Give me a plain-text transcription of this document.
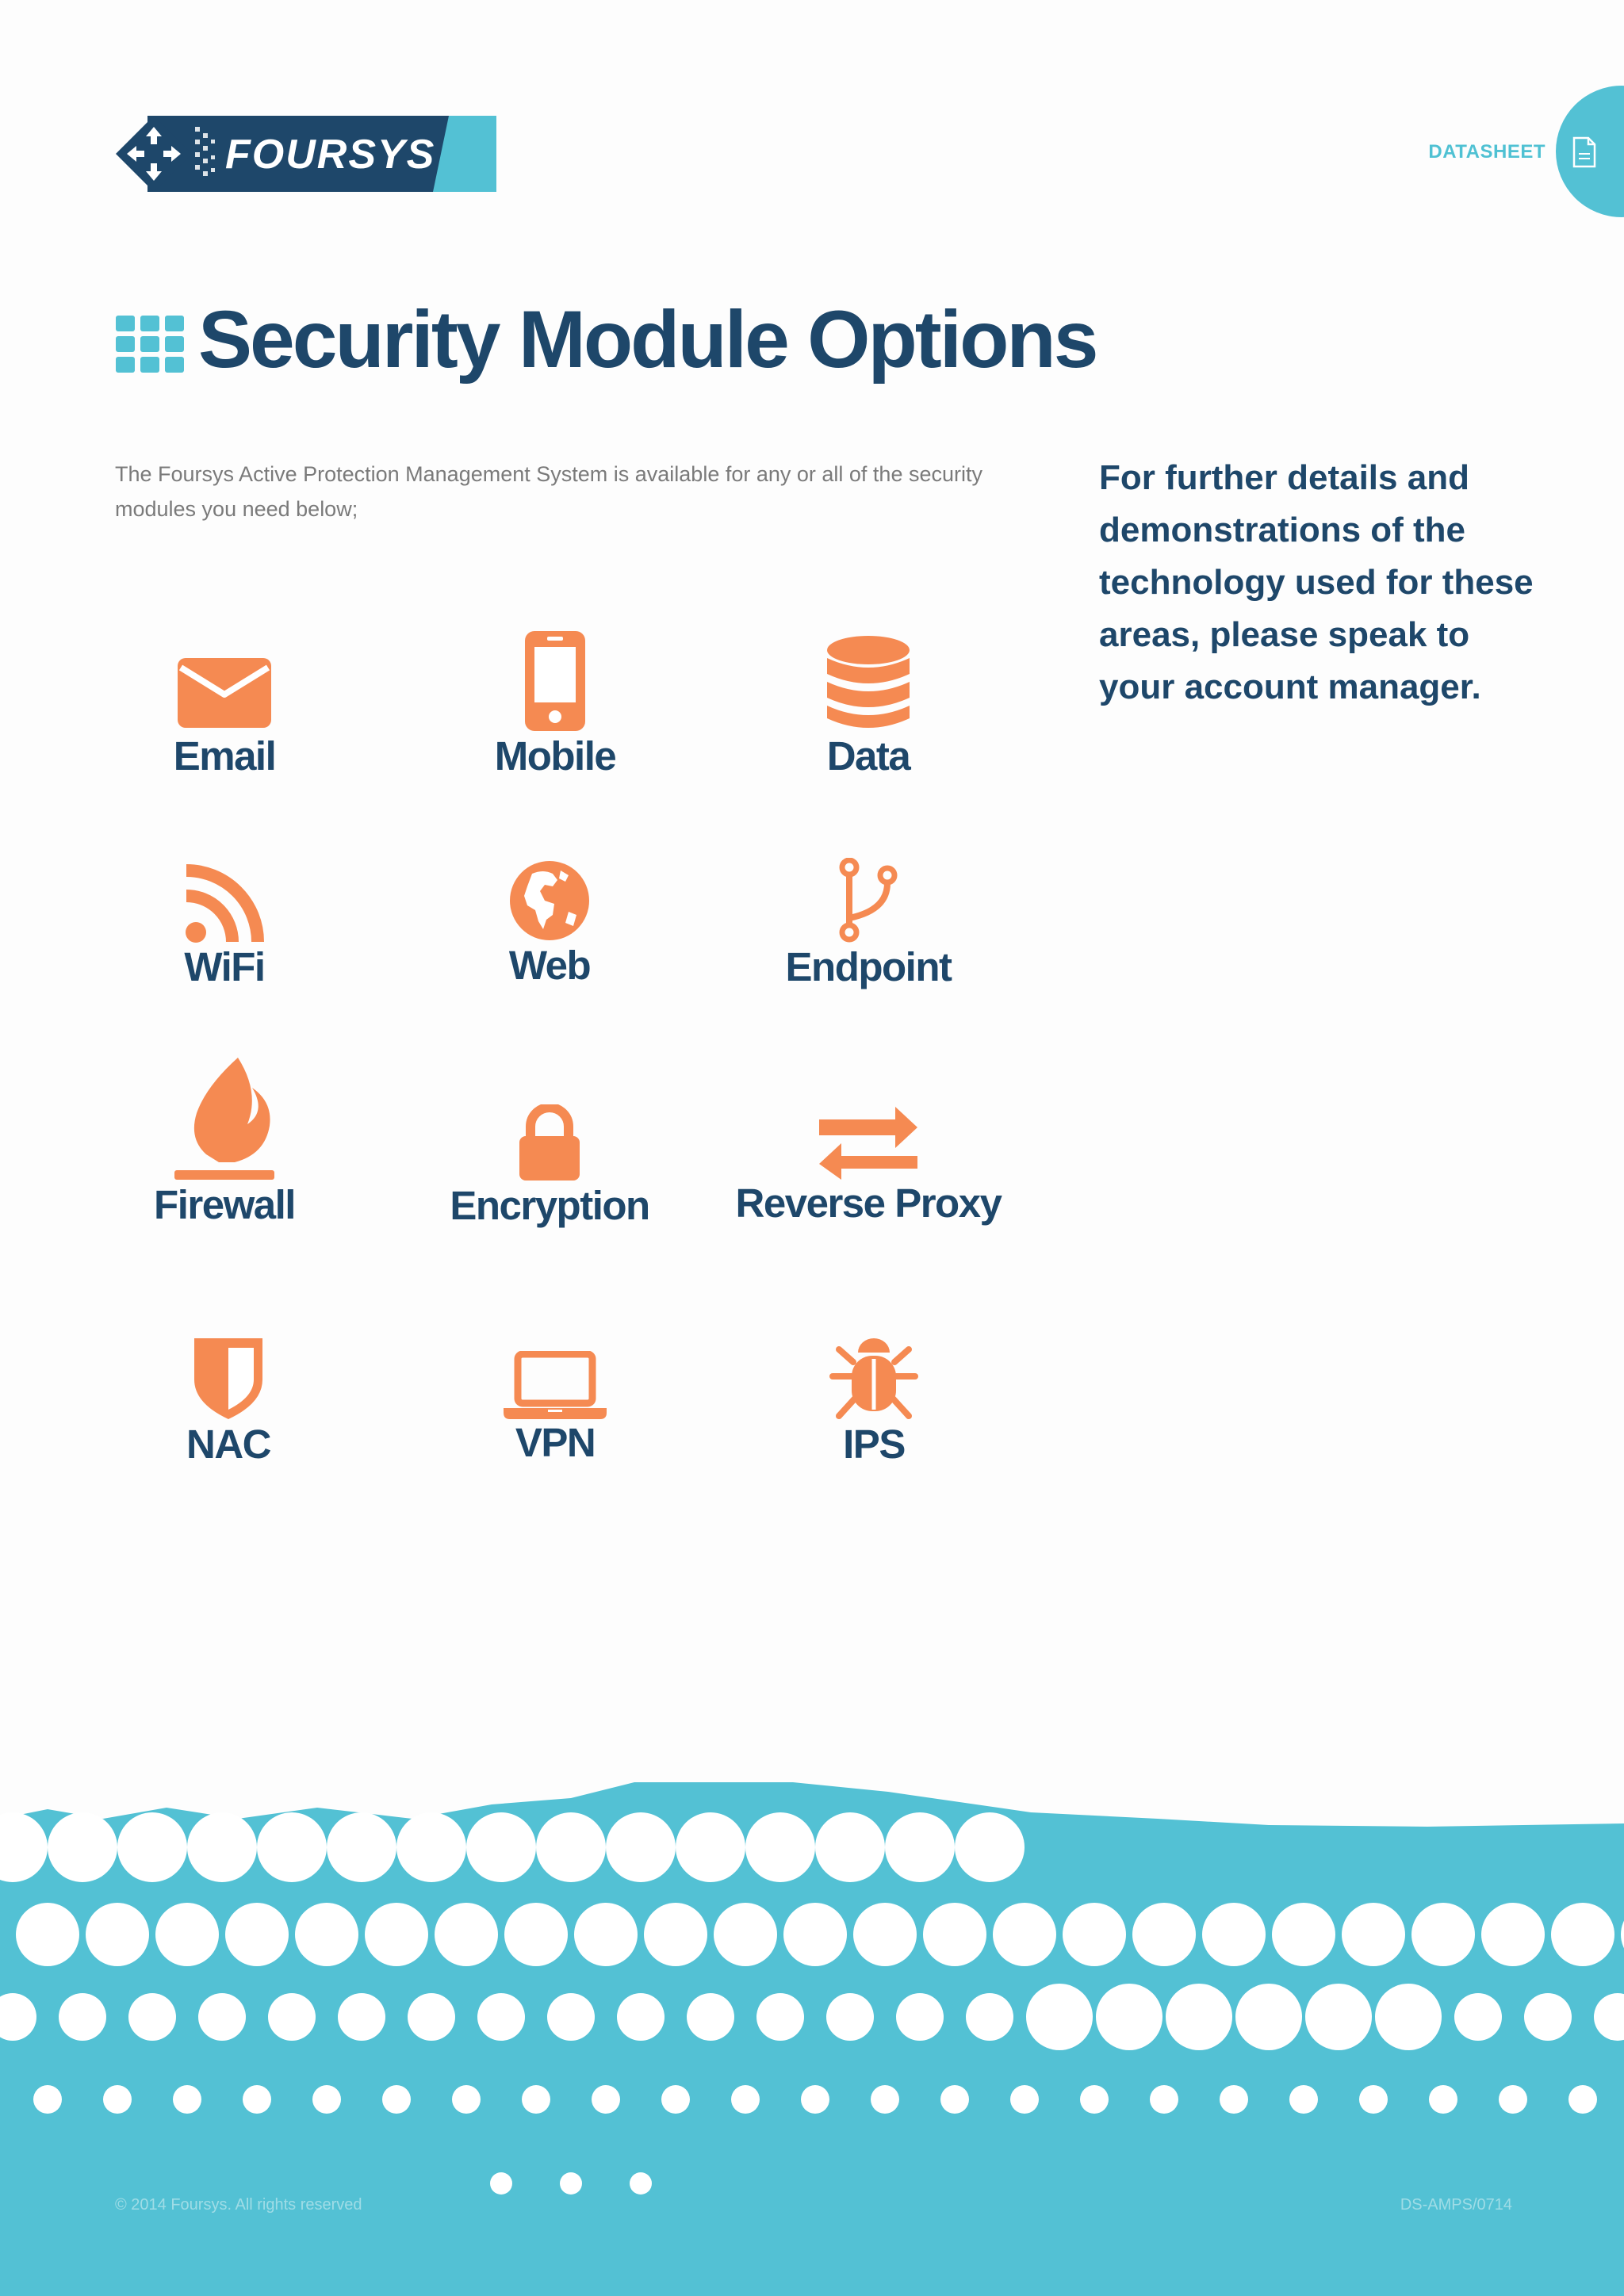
FOURSYS	DATASHEET
Security Module Options

The Foursys Active Protection Management System is available for any or all of the security modules you need below;

For further details and demonstrations of the technology used for these areas, please speak to your account manager.

Email	Mobile	Data
WiFi	Web	Endpoint
Firewall	Encryption	Reverse Proxy
NAC	VPN	IPS
© 2014 Foursys. All rights reserved	DS-AMPS/0714
